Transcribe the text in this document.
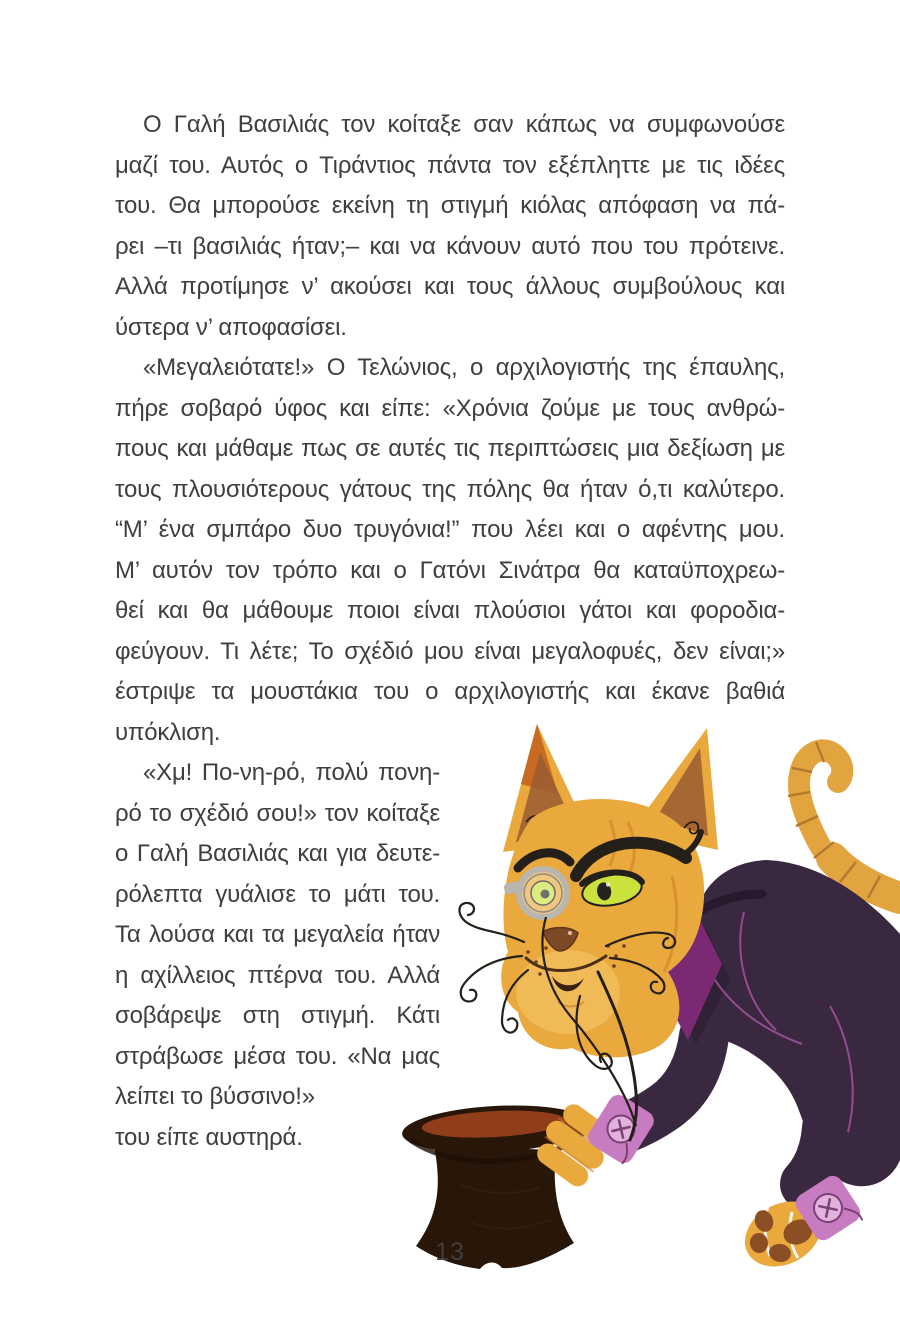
Ο Γαλή Βασιλιάς τον κοίταξε σαν κάπως να συμφωνούσε
μαζί του. Αυτός ο Τιράντιος πάντα τον εξέπληττε με τις ιδέες
του. Θα μπορούσε εκείνη τη στιγμή κιόλας απόφαση να πά-
ρει –τι βασιλιάς ήταν;– και να κάνουν αυτό που του πρότεινε.
Αλλά προτίμησε ν’ ακούσει και τους άλλους συμβούλους και
ύστερα ν’ αποφασίσει.
«Μεγαλειότατε!» Ο Τελώνιος, ο αρχιλογιστής της έπαυλης,
πήρε σοβαρό ύφος και είπε: «Χρόνια ζούμε με τους ανθρώ-
πους και μάθαμε πως σε αυτές τις περιπτώσεις μια δεξίωση με
τους πλουσιότερους γάτους της πόλης θα ήταν ό,τι καλύτερο.
“Μ’ ένα σμπάρο δυο τρυγόνια!” που λέει και ο αφέντης μου.
Μ’ αυτόν τον τρόπο και ο Γατόνι Σινάτρα θα καταϋποχρεω-
θεί και θα μάθουμε ποιοι είναι πλούσιοι γάτοι και φοροδια-
φεύγουν. Τι λέτε; Το σχέδιό μου είναι μεγαλοφυές, δεν είναι;»
έστριψε τα μουστάκια του ο αρχιλογιστής και έκανε βαθιά
υπόκλιση.
«Χμ! Πο-νη-ρό, πολύ πονη-
ρό το σχέδιό σου!» τον κοίταξε
ο Γαλή Βασιλιάς και για δευτε-
ρόλεπτα γυάλισε το μάτι του.
Τα λούσα και τα μεγαλεία ήταν
η αχίλλειος πτέρνα του. Αλλά
σοβάρεψε στη στιγμή. Κάτι
στράβωσε μέσα του. «Να μας
λείπει το βύσσινο!»
του είπε αυστηρά.
13
